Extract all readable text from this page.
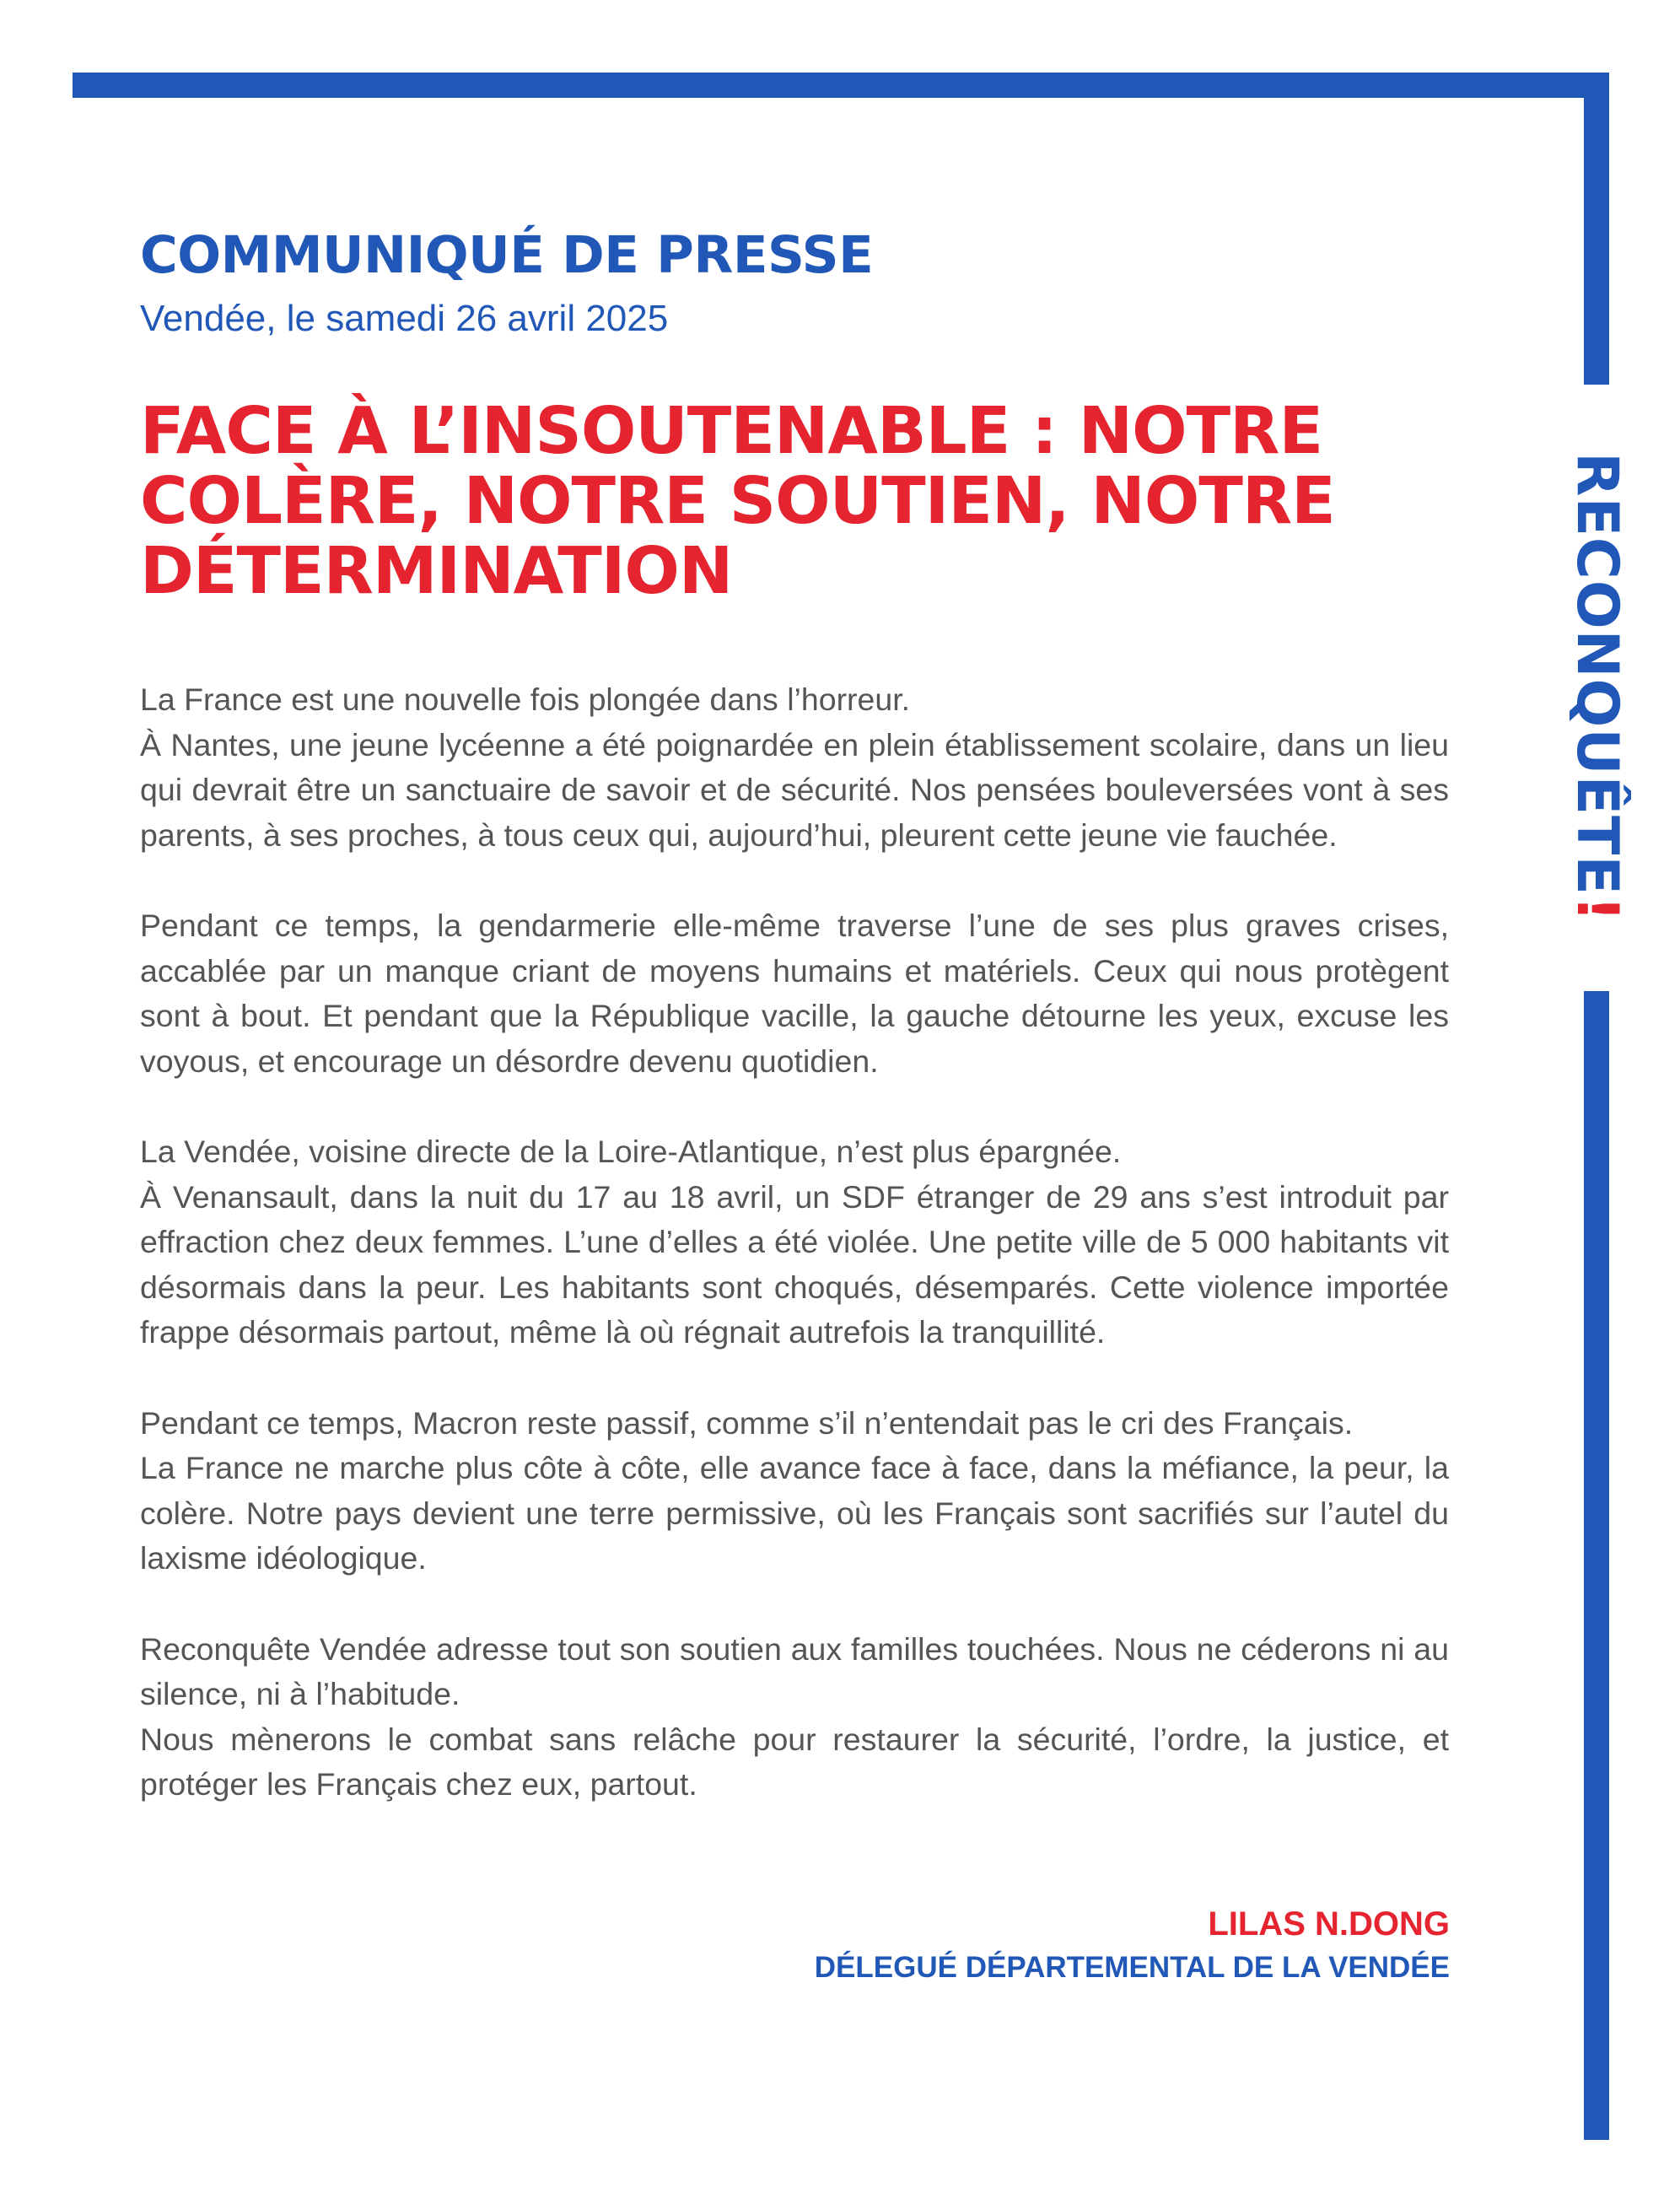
RECONQUÊTE!
COMMUNIQUÉ DE PRESSE

Vendée, le samedi 26 avril 2025

FACE À L’INSOUTENABLE : NOTRE COLÈRE, NOTRE SOUTIEN, NOTRE DÉTERMINATION

La France est une nouvelle fois plongée dans l’horreur.
À Nantes, une jeune lycéenne a été poignardée en plein établissement scolaire, dans un lieu qui devrait être un sanctuaire de savoir et de sécurité. Nos pensées bouleversées vont à ses parents, à ses proches, à tous ceux qui, aujourd’hui, pleurent cette jeune vie fauchée.

Pendant ce temps, la gendarmerie elle-même traverse l’une de ses plus graves crises, accablée par un manque criant de moyens humains et matériels. Ceux qui nous protègent sont à bout. Et pendant que la République vacille, la gauche détourne les yeux, excuse les voyous, et encourage un désordre devenu quotidien.

La Vendée, voisine directe de la Loire-Atlantique, n’est plus épargnée.
À Venansault, dans la nuit du 17 au 18 avril, un SDF étranger de 29 ans s’est introduit par effraction chez deux femmes. L’une d’elles a été violée. Une petite ville de 5 000 habitants vit désormais dans la peur. Les habitants sont choqués, désemparés. Cette violence importée frappe désormais partout, même là où régnait autrefois la tranquillité.

Pendant ce temps, Macron reste passif, comme s’il n’entendait pas le cri des Français.
La France ne marche plus côte à côte, elle avance face à face, dans la méfiance, la peur, la colère. Notre pays devient une terre permissive, où les Français sont sacrifiés sur l’autel du laxisme idéologique.

Reconquête Vendée adresse tout son soutien aux familles touchées. Nous ne céderons ni au silence, ni à l’habitude.
Nous mènerons le combat sans relâche pour restaurer la sécurité, l’ordre, la justice, et protéger les Français chez eux, partout.

LILAS N.DONG

DÉLEGUÉ DÉPARTEMENTAL DE LA VENDÉE
